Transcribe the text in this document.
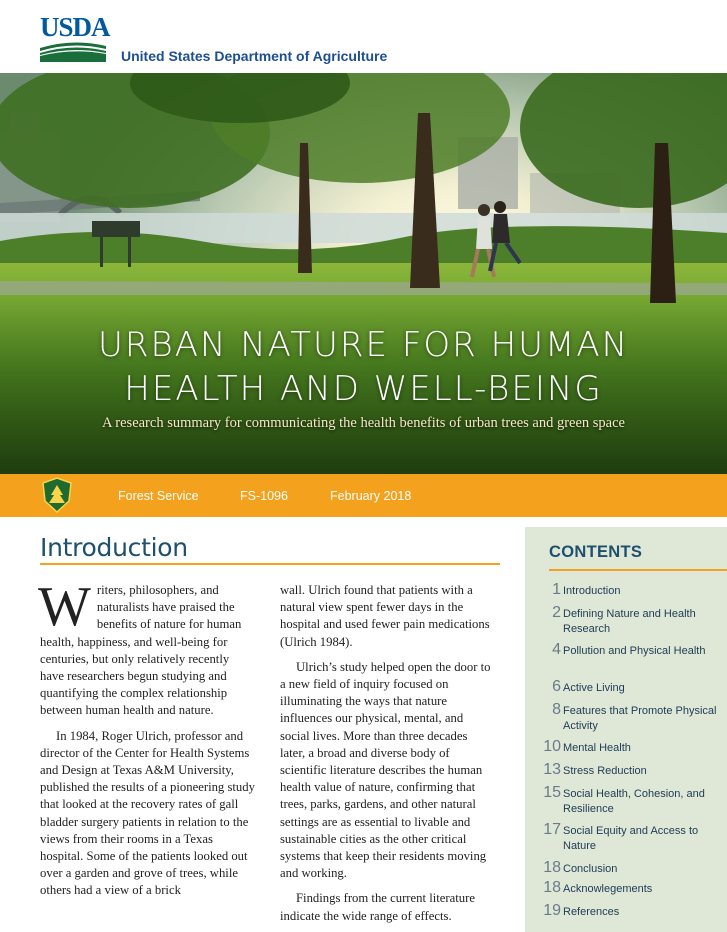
USDA
United States Department of Agriculture
URBAN NATURE FOR HUMAN
HEALTH AND WELL-BEING
A research summary for communicating the health benefits of urban trees and green space
Forest Service	FS-1096	February 2018
Introduction

Writers, philosophers, and naturalists have praised the benefits of nature for human health, happiness, and well-being for centuries, but only relatively recently have researchers begun studying and quantifying the complex relationship between human health and nature.

In 1984, Roger Ulrich, professor and director of the Center for Health Systems and Design at Texas A&M University, published the results of a pioneering study that looked at the recovery rates of gall bladder surgery patients in relation to the views from their rooms in a Texas hospital. Some of the patients looked out over a garden and grove of trees, while others had a view of a brick

wall. Ulrich found that patients with a natural view spent fewer days in the hospital and used fewer pain medications (Ulrich 1984).

Ulrich’s study helped open the door to a new field of inquiry focused on illuminating the ways that nature influences our physical, mental, and social lives. More than three decades later, a broad and diverse body of scientific literature describes the human health value of nature, confirming that trees, parks, gardens, and other natural settings are as essential to livable and sustainable cities as the other critical systems that keep their residents moving and working.

Findings from the current literature indicate the wide range of effects.

CONTENTS
1 Introduction
2 Defining Nature and Health Research
4 Pollution and Physical Health
6 Active Living
8 Features that Promote Physical Activity
10 Mental Health
13 Stress Reduction
15 Social Health, Cohesion, and Resilience
17 Social Equity and Access to Nature
18 Conclusion
18 Acknowlegements
19 References
